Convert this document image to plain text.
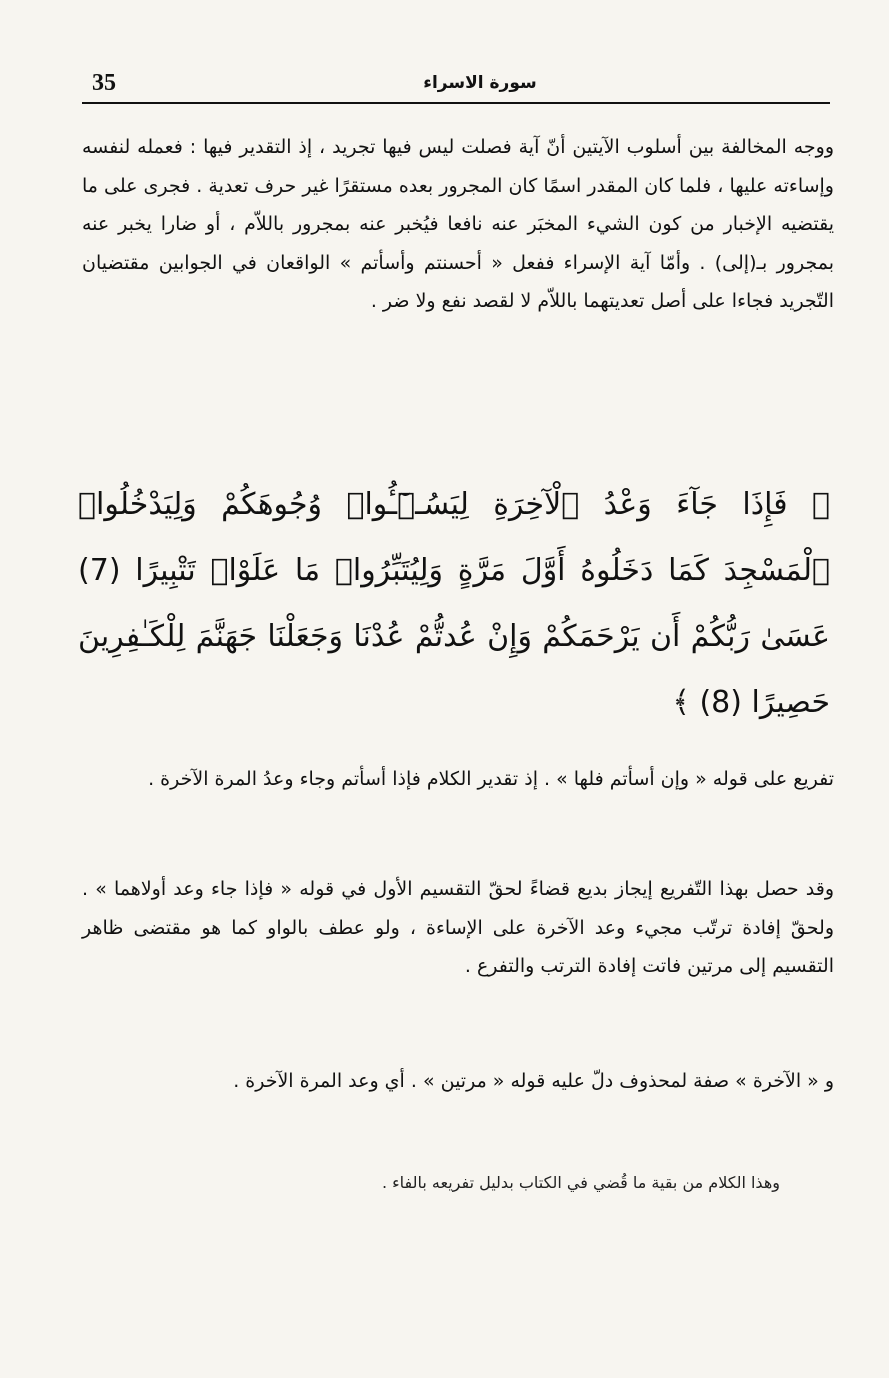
35	سورة الاسراء

ووجه المخالفة بين أسلوب الآيتين أنّ آية فصلت ليس فيها تجريد ، إذ التقدير فيها : فعمله لنفسه وإساءته عليها ، فلما كان المقدر اسمًا كان المجرور بعده مستقرًا غير حرف تعدية . فجرى على ما يقتضيه الإخبار من كون الشيء المخبَر عنه نافعا فيُخبر عنه بمجرور باللاّم ، أو ضارا يخبر عنه بمجرور بـ(إلى) . وأمّا آية الإسراء ففعل « أحسنتم وأسأتم » الواقعان في الجوابين مقتضيان التّجريد فجاءا على أصل تعديتهما باللاّم لا لقصد نفع ولا ضر .

﴿ فَإِذَا جَآءَ وَعْدُ ٱلْآخِرَةِ لِيَسُـۥٓـُٔوا۟ وُجُوهَكُمْ وَلِيَدْخُلُوا۟ ٱلْمَسْجِدَ كَمَا دَخَلُوهُ أَوَّلَ مَرَّةٍ وَلِيُتَبِّرُوا۟ مَا عَلَوْا۟ تَتْبِيرًا (7) عَسَىٰ رَبُّكُمْ أَن يَرْحَمَكُمْ وَإِنْ عُدتُّمْ عُدْنَا وَجَعَلْنَا جَهَنَّمَ لِلْكَـٰفِرِينَ حَصِيرًا (8) ﴾

تفريع على قوله « وإن أسأتم فلها » . إذ تقدير الكلام فإذا أسأتم وجاء وعدُ المرة الآخرة .

وقد حصل بهذا التّفريع إيجاز بديع قضاءً لحقّ التقسيم الأول في قوله « فإذا جاء وعد أولاهما » . ولحقّ إفادة ترتّب مجيء وعد الآخرة على الإساءة ، ولو عطف بالواو كما هو مقتضى ظاهر التقسيم إلى مرتين فاتت إفادة الترتب والتفرع .

و « الآخرة » صفة لمحذوف دلّ عليه قوله « مرتين » . أي وعد المرة الآخرة .

وهذا الكلام من بقية ما قُضي في الكتاب بدليل تفريعه بالفاء .
